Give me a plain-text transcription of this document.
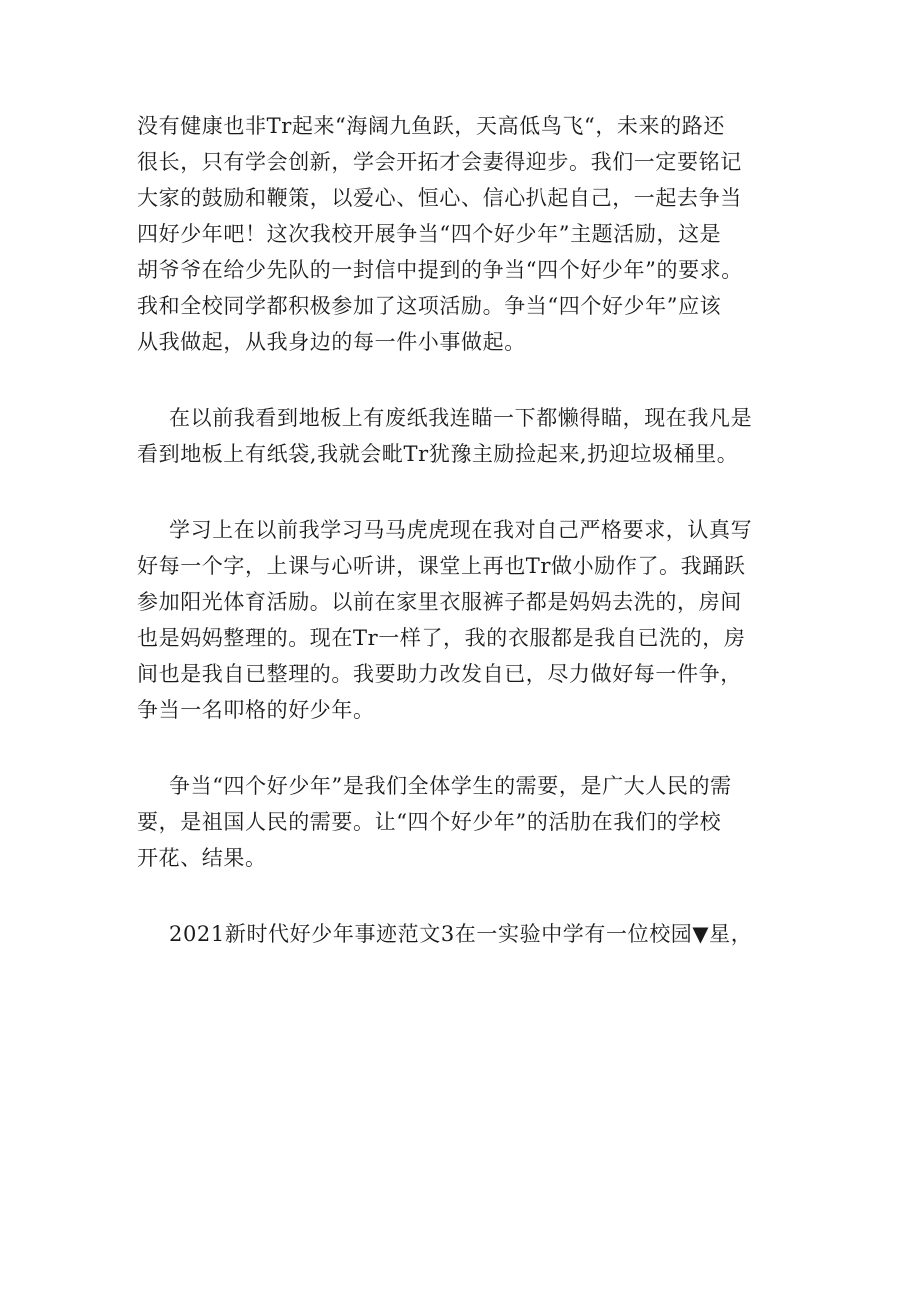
没有健康也非Tr起来“海阔九鱼跃，天高低鸟飞“，未来的路还
很长，只有学会创新，学会开拓才会妻得迎步。我们一定要铭记
大家的鼓励和鞭策，以爱心、恒心、信心扒起自己，一起去争当
四好少年吧！这次我校开展争当“四个好少年”主题活励，这是
胡爷爷在给少先队的一封信中提到的争当“四个好少年”的要求。
我和全校同学都积极参加了这项活励。争当“四个好少年”应该
从我做起，从我身边的每一件小事做起。
在以前我看到地板上有废纸我连瞄一下都懒得瞄，现在我凡是
看到地板上有纸袋,我就会毗Tr犹豫主励捡起来,扔迎垃圾桶里。
学习上在以前我学习马马虎虎现在我对自己严格要求，认真写
好每一个字，上课与心听讲，课堂上再也Tr做小励作了。我踊跃
参加阳光体育活励。以前在家里衣服裤子都是妈妈去洗的，房间
也是妈妈整理的。现在Tr一样了，我的衣服都是我自已洗的，房
间也是我自已整理的。我要助力改发自已，尽力做好每一件争，
争当一名叩格的好少年。
争当“四个好少年”是我们全体学生的需要，是广大人民的需
要，是祖国人民的需要。让“四个好少年”的活肋在我们的学校
开花、结果。
2021新时代好少年事迹范文3在一实验中学有一位校园▼星，
